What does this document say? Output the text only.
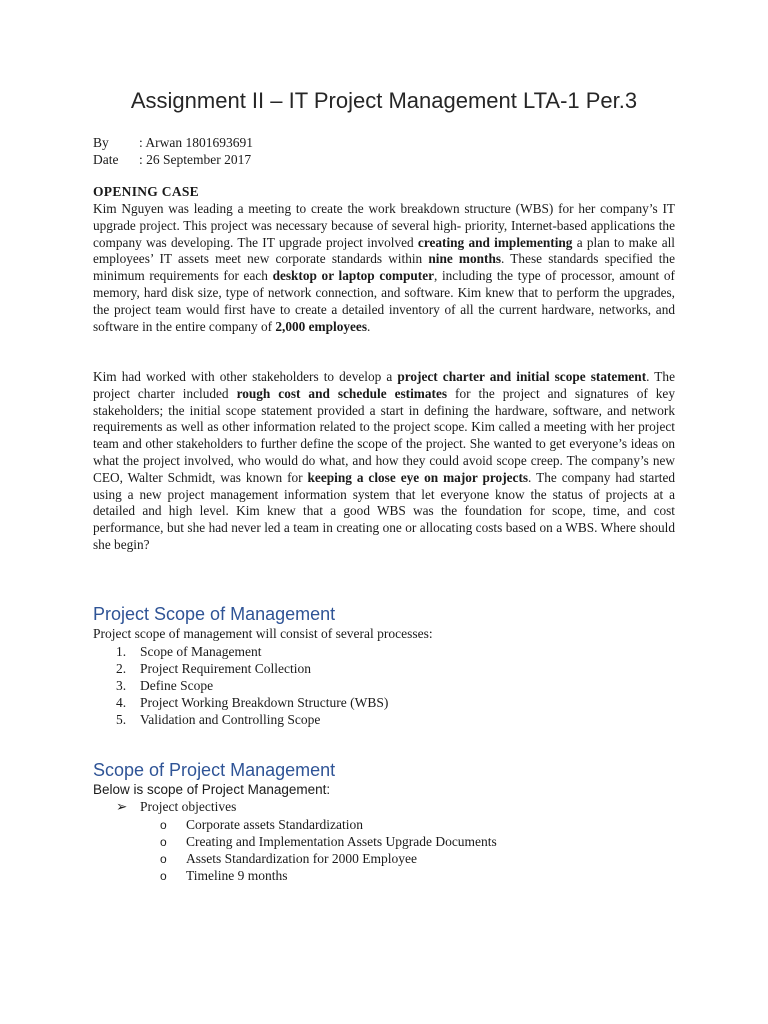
Assignment II – IT Project Management LTA-1 Per.3
By : Arwan 1801693691
Date : 26 September 2017
OPENING CASE
Kim Nguyen was leading a meeting to create the work breakdown structure (WBS) for her company’s IT upgrade project. This project was necessary because of several high- priority, Internet-based applications the company was developing. The IT upgrade project involved creating and implementing a plan to make all employees’ IT assets meet new corporate standards within nine months. These standards specified the minimum requirements for each desktop or laptop computer, including the type of processor, amount of memory, hard disk size, type of network connection, and software. Kim knew that to perform the upgrades, the project team would first have to create a detailed inventory of all the current hardware, networks, and software in the entire company of 2,000 employees.
Kim had worked with other stakeholders to develop a project charter and initial scope statement. The project charter included rough cost and schedule estimates for the project and signatures of key stakeholders; the initial scope statement provided a start in defining the hardware, software, and network requirements as well as other information related to the project scope. Kim called a meeting with her project team and other stakeholders to further define the scope of the project. She wanted to get everyone’s ideas on what the project involved, who would do what, and how they could avoid scope creep. The company’s new CEO, Walter Schmidt, was known for keeping a close eye on major projects. The company had started using a new project management information system that let everyone know the status of projects at a detailed and high level. Kim knew that a good WBS was the foundation for scope, time, and cost performance, but she had never led a team in creating one or allocating costs based on a WBS. Where should she begin?
Project Scope of Management
Project scope of management will consist of several processes:
1. Scope of Management
2. Project Requirement Collection
3. Define Scope
4. Project Working Breakdown Structure (WBS)
5. Validation and Controlling Scope
Scope of Project Management
Below is scope of Project Management:
➢ Project objectives
o Corporate assets Standardization
o Creating and Implementation Assets Upgrade Documents
o Assets Standardization for 2000 Employee
o Timeline 9 months
